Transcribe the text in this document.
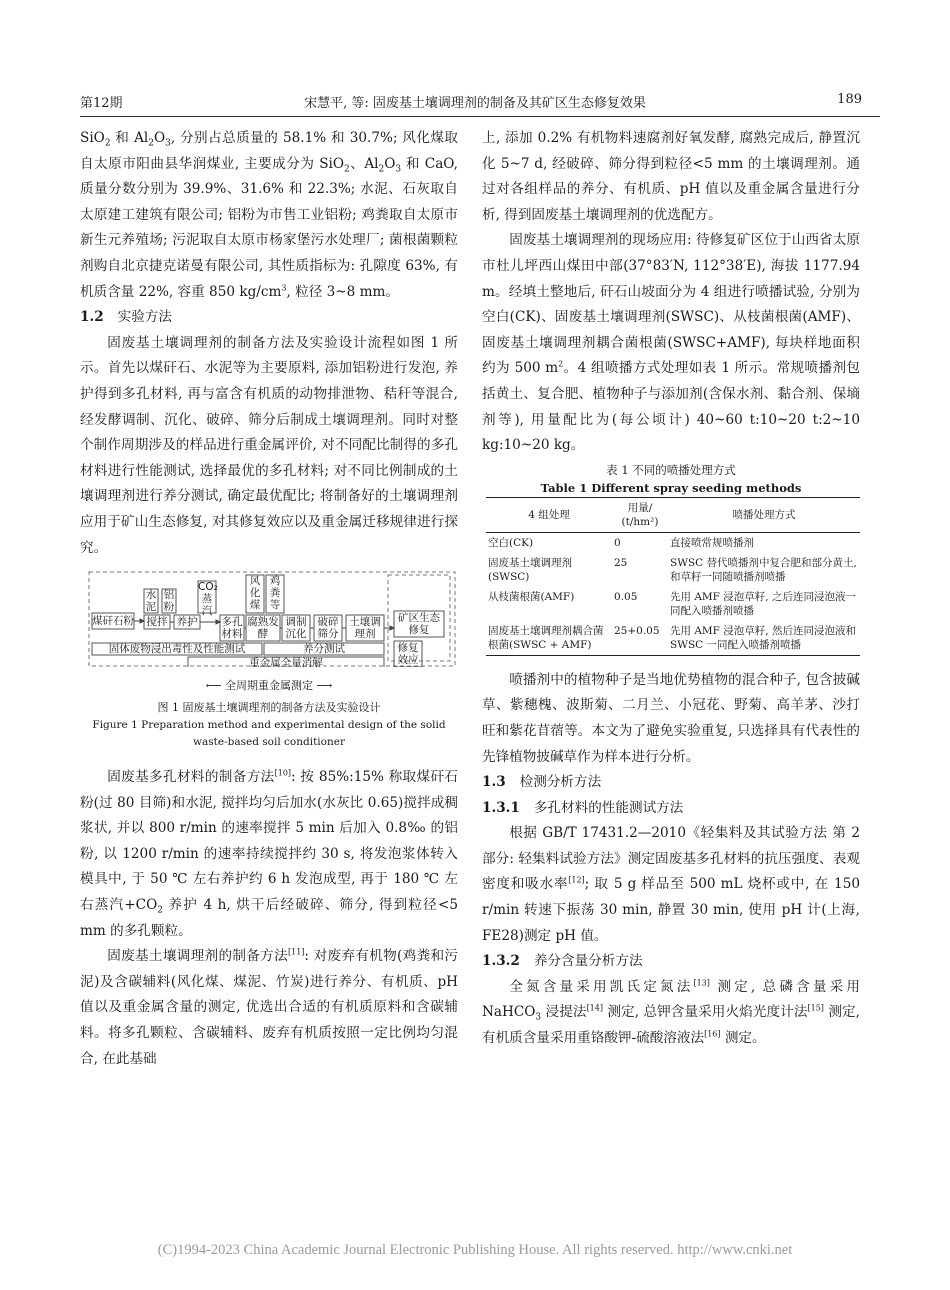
第12期	宋慧平, 等: 固废基土壤调理剂的制备及其矿区生态修复效果	189

SiO$_2$ 和 $Al_2O_3$, 分别占总质量的 58.1% 和 30.7%; 风化煤取自太原市阳曲县华润煤业, 主要成分为 SiO$_2$、$Al_2O_3$ 和 CaO, 质量分数分别为 39.9%、31.6% 和 22.3%; 水泥、石灰取自太原建工建筑有限公司; 铝粉为市售工业铝粉; 鸡粪取自太原市新生元养殖场; 污泥取自太原市杨家堡污水处理厂; 菌根菌颗粒剂购自北京捷克诺曼有限公司, 其性质指标为: 孔隙度 63%, 有机质含量 22%, 容重 850 $kg/cm^3$, 粒径 3~8 mm。

1.2 实验方法

固废基土壤调理剂的制备方法及实验设计流程如图 1 所示。首先以煤矸石、水泥等为主要原料, 添加铝粉进行发泡, 养护得到多孔材料, 再与富含有机质的动物排泄物、秸秆等混合, 经发酵调制、沉化、破碎、筛分后制成土壤调理剂。同时对整个制作周期涉及的样品进行重金属评价, 对不同配比制得的多孔材料进行性能测试, 选择最优的多孔材料; 对不同比例制成的土壤调理剂进行养分测试, 确定最优配比; 将制备好的土壤调理剂应用于矿山生态修复, 对其修复效应以及重金属迁移规律进行探究。

水泥
铝粉
CO₂蒸汽
风化煤
鸡粪等
煤矸石粉 搅拌 养护 多孔材料
腐熟发酵
调制沉化
破碎筛分
土壤调理剂
矿区生态修复
固体废物浸出毒性及性能测试	养分测试	修复效应
重金属全量消解
⟵ 全周期重金属测定 ⟶
图 1 固废基土壤调理剂的制备方法及实验设计
Figure 1 Preparation method and experimental design of the solid
waste-based soil conditioner

固废基多孔材料的制备方法[10]: 按 85%:15% 称取煤矸石粉(过 80 目筛)和水泥, 搅拌均匀后加水(水灰比 0.65)搅拌成稠浆状, 并以 800 r/min 的速率搅拌 5 min 后加入 0.8‰ 的铝粉, 以 1200 r/min 的速率持续搅拌约 30 s, 将发泡浆体转入模具中, 于 50 ℃ 左右养护约 6 h 发泡成型, 再于 180 ℃ 左右蒸汽$+CO_2$ 养护 4 h, 烘干后经破碎、筛分, 得到粒径<5 mm 的多孔颗粒。

固废基土壤调理剂的制备方法[11]: 对废弃有机物(鸡粪和污泥)及含碳辅料(风化煤、煤泥、竹炭)进行养分、有机质、pH 值以及重金属含量的测定, 优选出合适的有机质原料和含碳辅料。将多孔颗粒、含碳辅料、废弃有机质按照一定比例均匀混合, 在此基础

上, 添加 0.2% 有机物料速腐剂好氧发酵, 腐熟完成后, 静置沉化 5~7 d, 经破碎、筛分得到粒径<5 mm 的土壤调理剂。通过对各组样品的养分、有机质、pH 值以及重金属含量进行分析, 得到固废基土壤调理剂的优选配方。

固废基土壤调理剂的现场应用: 待修复矿区位于山西省太原市杜儿坪西山煤田中部(37°83′N, 112°38′E), 海拔 1177.94 m。经填土整地后, 矸石山坡面分为 4 组进行喷播试验, 分别为空白(CK)、固废基土壤调理剂(SWSC)、从枝菌根菌(AMF)、固废基土壤调理剂耦合菌根菌(SWSC+AMF), 每块样地面积约为 500 $m^2$。4 组喷播方式处理如表 1 所示。常规喷播剂包括黄土、复合肥、植物种子与添加剂(含保水剂、黏合剂、保墒剂等), 用量配比为(每公顷计) 40~60 t:10~20 t:2~10 kg:10~20 kg。

表 1 不同的喷播处理方式
Table 1 Different spray seeding methods
4 组处理	用量/ (t/hm²)	喷播处理方式
空白(CK)	0	直接喷常规喷播剂
固废基土壤调理剂(SWSC)	25	SWSC 替代喷播剂中复合肥和部分黄土, 和草籽一同随喷播剂喷播
从枝菌根菌(AMF)	0.05	先用 AMF 浸泡草籽, 之后连同浸泡液一同配入喷播剂喷播
固废基土壤调理剂耦合菌根菌(SWSC + AMF)	25+0.05	先用 AMF 浸泡草籽, 然后连同浸泡液和 SWSC 一同配入喷播剂喷播

喷播剂中的植物种子是当地优势植物的混合种子, 包含披碱草、紫穗槐、波斯菊、二月兰、小冠花、野菊、高羊茅、沙打旺和紫花苜蓿等。本文为了避免实验重复, 只选择具有代表性的先锋植物披碱草作为样本进行分析。

1.3 检测分析方法

1.3.1 多孔材料的性能测试方法

根据 GB/T 17431.2—2010《轻集料及其试验方法 第 2 部分: 轻集料试验方法》测定固废基多孔材料的抗压强度、表观密度和吸水率[12]; 取 5 g 样品至 500 mL 烧杯或中, 在 150 r/min 转速下振荡 30 min, 静置 30 min, 使用 pH 计(上海, FE28)测定 pH 值。

1.3.2 养分含量分析方法

全氮含量采用凯氏定氮法[13] 测定, 总磷含量采用 NaHCO$_3$ 浸提法[14] 测定, 总钾含量采用火焰光度计法[15] 测定, 有机质含量采用重铬酸钾-硫酸溶液法[16] 测定。

(C)1994-2023 China Academic Journal Electronic Publishing House. All rights reserved. http://www.cnki.net
